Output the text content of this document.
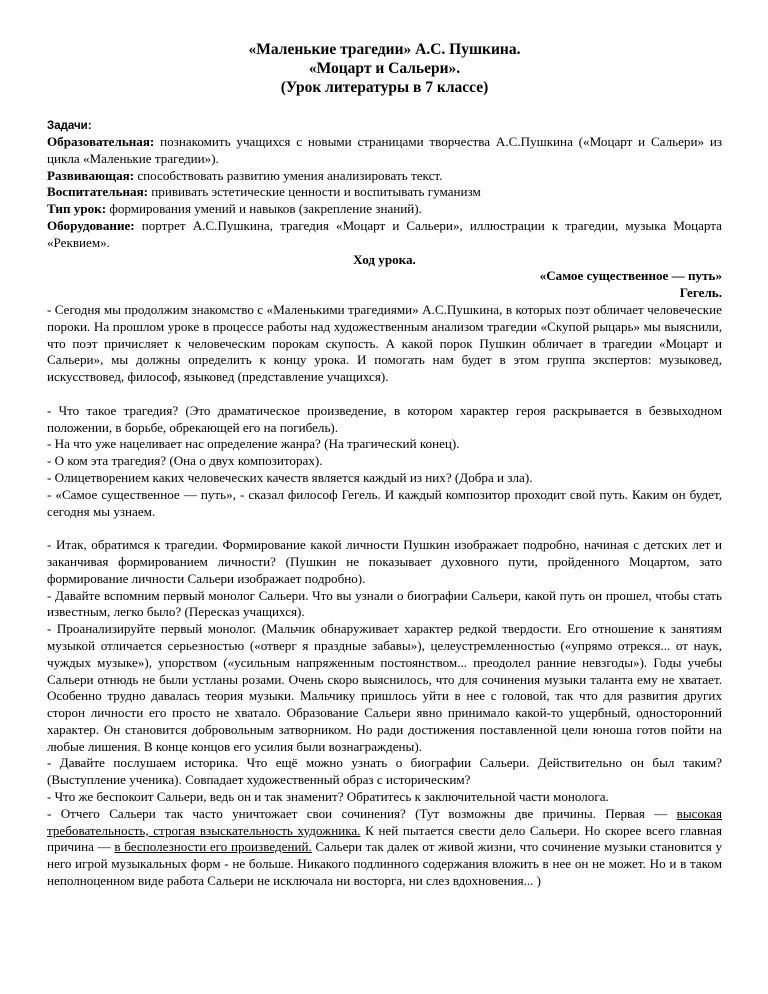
«Маленькие трагедии» А.С. Пушкина.
«Моцарт и Сальери».
(Урок литературы в 7 классе)
Задачи:

Образовательная: познакомить учащихся с новыми страницами творчества А.С.Пушкина («Моцарт и Сальери» из цикла «Маленькие трагедии»).

Развивающая: способствовать развитию умения анализировать текст.

Воспитательная: прививать эстетические ценности и воспитывать гуманизм

Тип урок: формирования умений и навыков (закрепление знаний).

Оборудование: портрет А.С.Пушкина, трагедия «Моцарт и Сальери», иллюстрации к трагедии, музыка Моцарта «Реквием».

Ход урока.
«Самое существенное — путь»
Гегель.

- Сегодня мы продолжим знакомство с «Маленькими трагедиями» А.С.Пушкина, в которых поэт обличает человеческие пороки. На прошлом уроке в процессе работы над художественным анализом трагедии «Скупой рыцарь» мы выяснили, что поэт причисляет к человеческим порокам скупость. А какой порок Пушкин обличает в трагедии «Моцарт и Сальери», мы должны определить к концу урока. И помогать нам будет в этом группа экспертов: музыковед, искусствовед, философ, языковед (представление учащихся).

- Что такое трагедия? (Это драматическое произведение, в котором характер героя раскрывается в безвыходном положении, в борьбе, обрекающей его на погибель).

- На что уже нацеливает нас определение жанра? (На трагический конец).

- О ком эта трагедия? (Она о двух композиторах).

- Олицетворением каких человеческих качеств является каждый из них? (Добра и зла).

- «Самое существенное — путь», - сказал философ Гегель. И каждый композитор проходит свой путь. Каким он будет, сегодня мы узнаем.

- Итак, обратимся к трагедии. Формирование какой личности Пушкин изображает подробно, начиная с детских лет и заканчивая формированием личности? (Пушкин не показывает духовного пути, пройденного Моцартом, зато формирование личности Сальери изображает подробно).

- Давайте вспомним первый монолог Сальери. Что вы узнали о биографии Сальери, какой путь он прошел, чтобы стать известным, легко было? (Пересказ учащихся).

- Проанализируйте первый монолог. (Мальчик обнаруживает характер редкой твердости. Его отношение к занятиям музыкой отличается серьезностью («отверг я праздные забавы»), целеустремленностью («упрямо отрекся... от наук, чуждых музыке»), упорством («усильным напряженным постоянством... преодолел ранние невзгоды»). Годы учебы Сальери отнюдь не были устланы розами. Очень скоро выяснилось, что для сочинения музыки таланта ему не хватает. Особенно трудно давалась теория музыки. Мальчику пришлось уйти в нее с головой, так что для развития других сторон личности его просто не хватало. Образование Сальери явно принимало какой-то ущербный, односторонний характер. Он становится добровольным затворником. Но ради достижения поставленной цели юноша готов пойти на любые лишения. В конце концов его усилия были вознаграждены).

- Давайте послушаем историка. Что ещё можно узнать о биографии Сальери. Действительно он был таким? (Выступление ученика). Совпадает художественный образ с историческим?

- Что же беспокоит Сальери, ведь он и так знаменит? Обратитесь к заключительной части монолога.

- Отчего Сальери так часто уничтожает свои сочинения? (Тут возможны две причины. Первая — высокая требовательность, строгая взыскательность художника. К ней пытается свести дело Сальери. Но скорее всего главная причина — в бесполезности его произведений. Сальери так далек от живой жизни, что сочинение музыки становится у него игрой музыкальных форм - не больше. Никакого подлинного содержания вложить в нее он не может. Но и в таком неполноценном виде работа Сальери не исключала ни восторга, ни слез вдохновения... )
